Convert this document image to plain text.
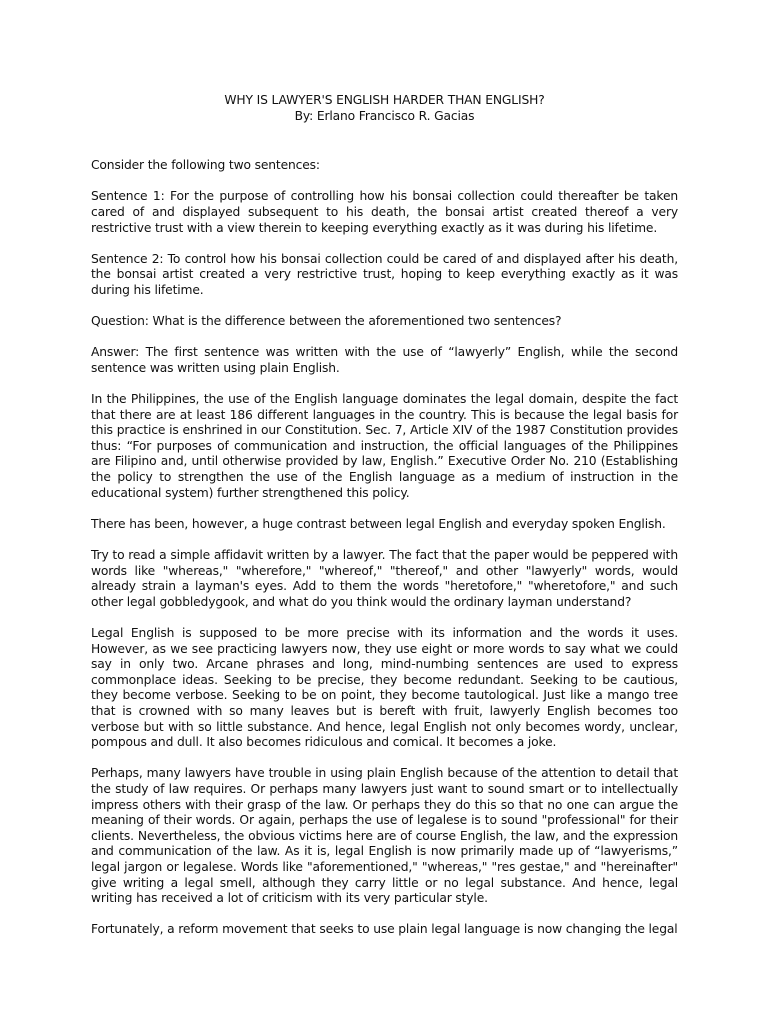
WHY IS LAWYER'S ENGLISH HARDER THAN ENGLISH?
By: Erlano Francisco R. Gacias

Consider the following two sentences:

Sentence 1: For the purpose of controlling how his bonsai collection could thereafter be taken cared of and displayed subsequent to his death, the bonsai artist created thereof a very restrictive trust with a view therein to keeping everything exactly as it was during his lifetime.

Sentence 2: To control how his bonsai collection could be cared of and displayed after his death, the bonsai artist created a very restrictive trust, hoping to keep everything exactly as it was during his lifetime.

Question: What is the difference between the aforementioned two sentences?

Answer: The first sentence was written with the use of “lawyerly” English, while the second sentence was written using plain English.

In the Philippines, the use of the English language dominates the legal domain, despite the fact that there are at least 186 different languages in the country. This is because the legal basis for this practice is enshrined in our Constitution. Sec. 7, Article XIV of the 1987 Constitution provides thus: “For purposes of communication and instruction, the official languages of the Philippines are Filipino and, until otherwise provided by law, English.” Executive Order No. 210 (Establishing the policy to strengthen the use of the English language as a medium of instruction in the educational system) further strengthened this policy.

There has been, however, a huge contrast between legal English and everyday spoken English.

Try to read a simple affidavit written by a lawyer. The fact that the paper would be peppered with words like "whereas," "wherefore," "whereof," "thereof," and other "lawyerly" words, would already strain a layman's eyes. Add to them the words "heretofore," "wheretofore," and such other legal gobbledygook, and what do you think would the ordinary layman understand?

Legal English is supposed to be more precise with its information and the words it uses. However, as we see practicing lawyers now, they use eight or more words to say what we could say in only two. Arcane phrases and long, mind-numbing sentences are used to express commonplace ideas. Seeking to be precise, they become redundant. Seeking to be cautious, they become verbose. Seeking to be on point, they become tautological. Just like a mango tree that is crowned with so many leaves but is bereft with fruit, lawyerly English becomes too verbose but with so little substance. And hence, legal English not only becomes wordy, unclear, pompous and dull. It also becomes ridiculous and comical. It becomes a joke.

Perhaps, many lawyers have trouble in using plain English because of the attention to detail that the study of law requires. Or perhaps many lawyers just want to sound smart or to intellectually impress others with their grasp of the law. Or perhaps they do this so that no one can argue the meaning of their words. Or again, perhaps the use of legalese is to sound "professional" for their clients. Nevertheless, the obvious victims here are of course English, the law, and the expression and communication of the law. As it is, legal English is now primarily made up of “lawyerisms,” legal jargon or legalese. Words like "aforementioned," "whereas," "res gestae," and "hereinafter" give writing a legal smell, although they carry little or no legal substance. And hence, legal writing has received a lot of criticism with its very particular style.

Fortunately, a reform movement that seeks to use plain legal language is now changing the legal
